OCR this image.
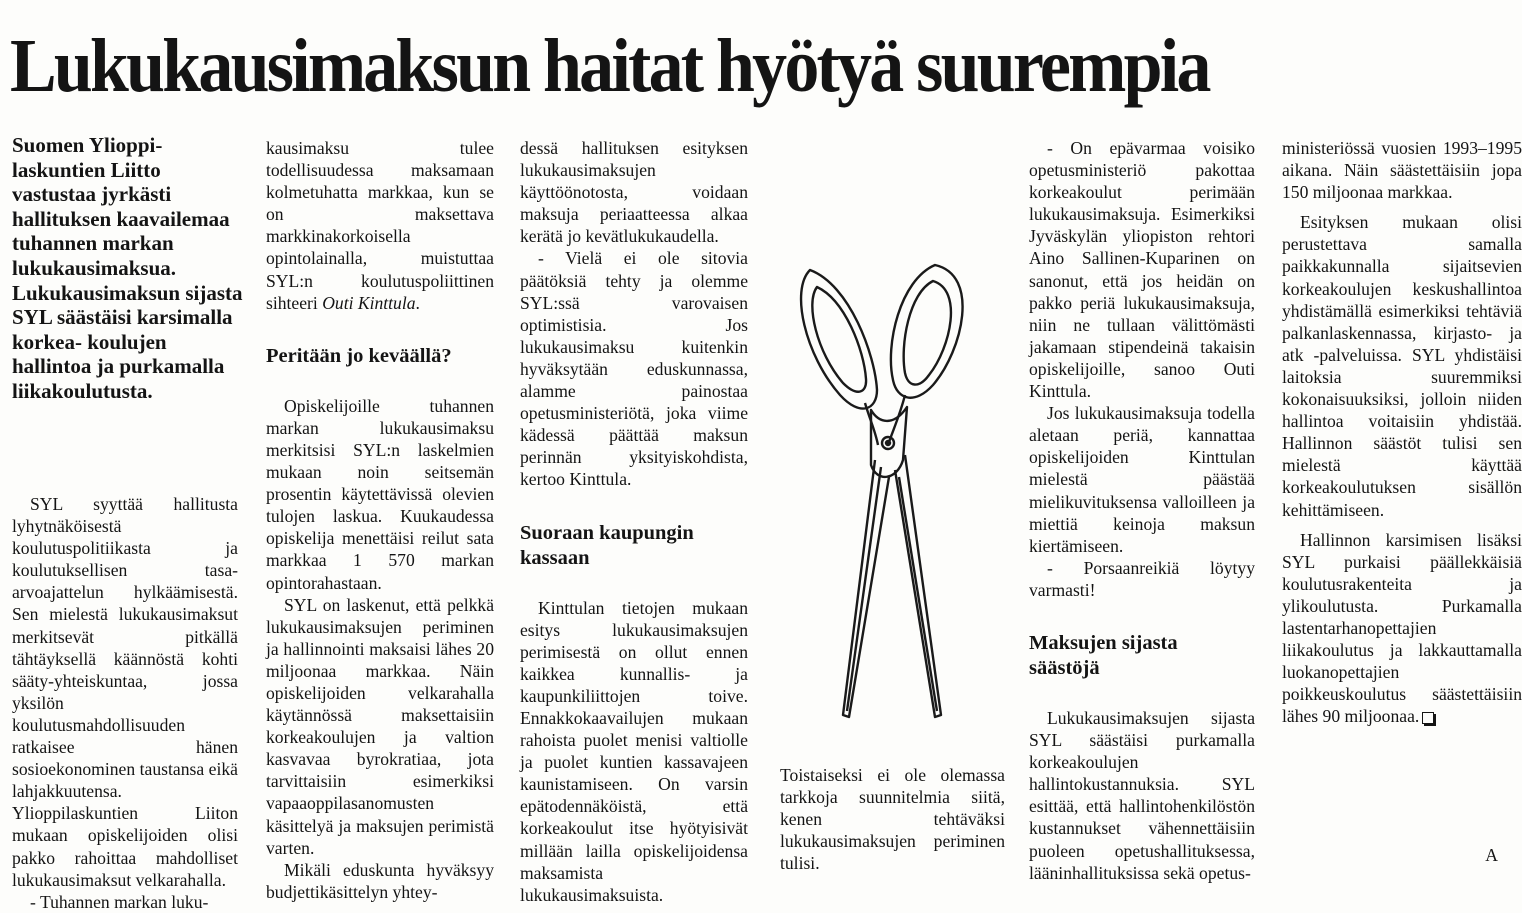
Lukukausimaksun haitat hyötyä suurempia
Suomen Ylioppi- laskuntien Liitto vastustaa jyrkästi hallituksen kaavailemaa tuhannen markan lukukausimaksua. Lukukausimaksun sijasta SYL säästäisi karsimalla korkea- koulujen hallintoa ja purkamalla liikakoulutusta.

SYL syyttää hallitusta lyhytnäköisestä koulutuspolitiikasta ja koulutuksellisen tasa-arvoajattelun hylkäämisestä. Sen mielestä lukukausimaksut merkitsevät pitkällä tähtäyksellä käännöstä kohti sääty-yhteiskuntaa, jossa yksilön koulutusmahdollisuuden ratkaisee hänen sosioekonominen taustansa eikä lahjakkuutensa. Ylioppilaskuntien Liiton mukaan opiskelijoiden olisi pakko rahoittaa mahdolliset lukukausimaksut velkarahalla.

- Tuhannen markan luku-

kausimaksu tulee todellisuudessa maksamaan kolmetuhatta markkaa, kun se on maksettava markkinakorkoisella opintolainalla, muistuttaa SYL:n koulutuspoliittinen sihteeri Outi Kinttula.

Peritään jo keväällä?

Opiskelijoille tuhannen markan lukukausimaksu merkitsisi SYL:n laskelmien mukaan noin seitsemän prosentin käytettävissä olevien tulojen laskua. Kuukaudessa opiskelija menettäisi reilut sata markkaa 1 570 markan opintorahastaan.

SYL on laskenut, että pelkkä lukukausimaksujen periminen ja hallinnointi maksaisi lähes 20 miljoonaa markkaa. Näin opiskelijoiden velkarahalla käytännössä maksettaisiin korkeakoulujen ja valtion kasvavaa byrokratiaa, jota tarvittaisiin esimerkiksi vapaaoppilasanomusten käsittelyä ja maksujen perimistä varten.

Mikäli eduskunta hyväksyy budjettikäsittelyn yhtey-

dessä hallituksen esityksen lukukausimaksujen käyttöönotosta, voidaan maksuja periaatteessa alkaa kerätä jo kevätlukukaudella.

- Vielä ei ole sitovia päätöksiä tehty ja olemme SYL:ssä varovaisen optimistisia. Jos lukukausimaksu kuitenkin hyväksytään eduskunnassa, alamme painostaa opetusministeriötä, joka viime kädessä päättää maksun perinnän yksityiskohdista, kertoo Kinttula.

Suoraan kaupungin kassaan

Kinttulan tietojen mukaan esitys lukukausimaksujen perimisestä on ollut ennen kaikkea kunnallis- ja kaupunkiliittojen toive. Ennakkokaavailujen mukaan rahoista puolet menisi valtiolle ja puolet kuntien kassavajeen kaunistamiseen. On varsin epätodennäköistä, että korkeakoulut itse hyötyisivät millään lailla opiskelijoidensa maksamista lukukausimaksuista.

Toistaiseksi ei ole olemassa tarkkoja suunnitelmia siitä, kenen tehtäväksi lukukausimaksujen periminen tulisi.

- On epävarmaa voisiko opetusministeriö pakottaa korkeakoulut perimään lukukausimaksuja. Esimerkiksi Jyväskylän yliopiston rehtori Aino Sallinen-Kuparinen on sanonut, että jos heidän on pakko periä lukukausimaksuja, niin ne tullaan välittömästi jakamaan stipendeinä takaisin opiskelijoille, sanoo Outi Kinttula.

Jos lukukausimaksuja todella aletaan periä, kannattaa opiskelijoiden Kinttulan mielestä päästää mielikuvituksensa valloilleen ja miettiä keinoja maksun kiertämiseen.

- Porsaanreikiä löytyy varmasti!

Maksujen sijasta säästöjä

Lukukausimaksujen sijasta SYL säästäisi purkamalla korkeakoulujen hallintokustannuksia. SYL esittää, että hallintohenkilöstön kustannukset vähennettäisiin puoleen opetushallituksessa, lääninhallituksissa sekä opetus-

ministeriössä vuosien 1993–1995 aikana. Näin säästettäisiin jopa 150 miljoonaa markkaa.

Esityksen mukaan olisi perustettava samalla paikkakunnalla sijaitsevien korkeakoulujen keskushallintoa yhdistämällä esimerkiksi tehtäviä palkanlaskennassa, kirjasto- ja atk -palveluissa. SYL yhdistäisi laitoksia suuremmiksi kokonaisuuksiksi, jolloin niiden hallintoa voitaisiin yhdistää. Hallinnon säästöt tulisi sen mielestä käyttää korkeakoulutuksen sisällön kehittämiseen.

Hallinnon karsimisen lisäksi SYL purkaisi päällekkäisiä koulutusrakenteita ja ylikoulutusta. Purkamalla lastentarhanopettajien liikakoulutus ja lakkauttamalla luokanopettajien poikkeuskoulutus säästettäisiin lähes 90 miljoonaa.

A
